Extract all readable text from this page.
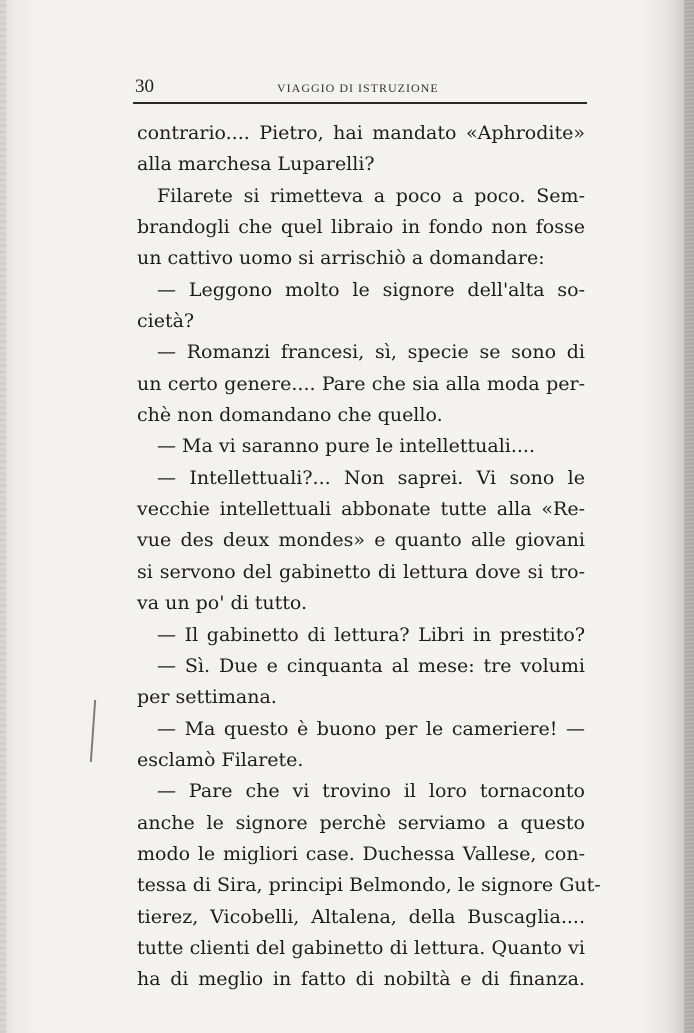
30	VIAGGIO DI ISTRUZIONE
contrario.... Pietro, hai mandato «Aphrodite»
alla marchesa Luparelli?
Filarete si rimetteva a poco a poco. Sem-
brandogli che quel libraio in fondo non fosse
un cattivo uomo si arrischiò a domandare:
— Leggono molto le signore dell'alta so-
cietà?
— Romanzi francesi, sì, specie se sono di
un certo genere.... Pare che sia alla moda per-
chè non domandano che quello.
— Ma vi saranno pure le intellettuali....
— Intellettuali?... Non saprei. Vi sono le
vecchie intellettuali abbonate tutte alla «Re-
vue des deux mondes» e quanto alle giovani
si servono del gabinetto di lettura dove si tro-
va un po' di tutto.
— Il gabinetto di lettura? Libri in prestito?
— Sì. Due e cinquanta al mese: tre volumi
per settimana.
— Ma questo è buono per le cameriere! —
esclamò Filarete.
— Pare che vi trovino il loro tornaconto
anche le signore perchè serviamo a questo
modo le migliori case. Duchessa Vallese, con-
tessa di Sira, principi Belmondo, le signore Gut-
tierez, Vicobelli, Altalena, della Buscaglia....
tutte clienti del gabinetto di lettura. Quanto vi
ha di meglio in fatto di nobiltà e di finanza.
